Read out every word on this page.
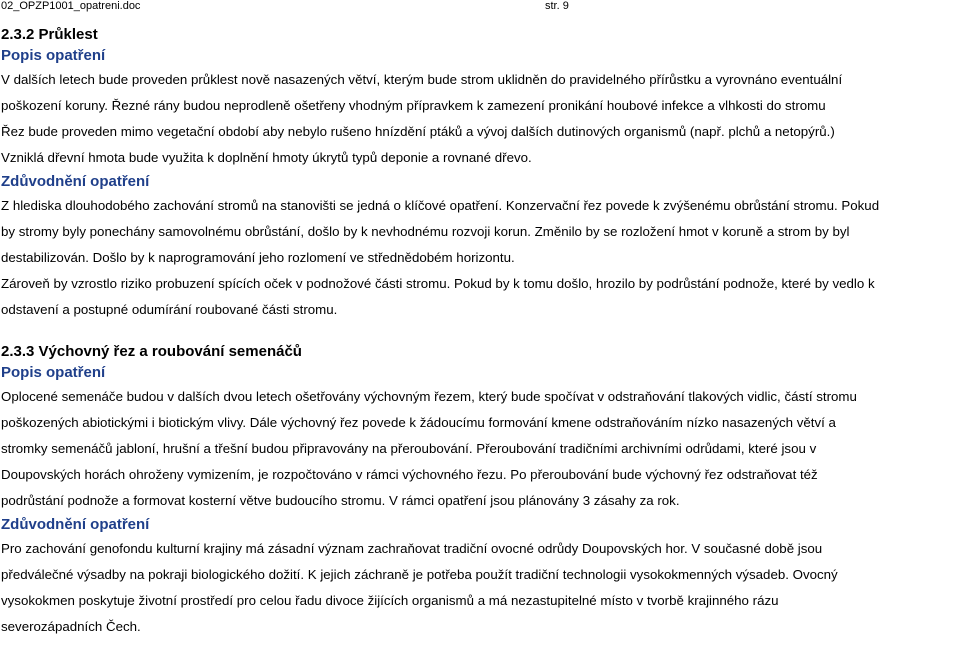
02_OPZP1001_opatreni.doc	str. 9
2.3.2 Průklest
Popis opatření
V dalších letech bude proveden průklest nově nasazených větví, kterým bude strom uklidněn do pravidelného přírůstku a vyrovnáno eventuální
poškození koruny. Řezné rány budou neprodleně ošetřeny vhodným přípravkem k zamezení pronikání houbové infekce a vlhkosti do stromu
Řez bude proveden mimo vegetační období aby nebylo rušeno hnízdění ptáků a vývoj dalších dutinových organismů (např. plchů a netopýrů.)
Vzniklá dřevní hmota bude využita k doplnění hmoty úkrytů typů deponie a rovnané dřevo.
Zdůvodnění opatření
Z hlediska dlouhodobého zachování stromů na stanovišti se jedná o klíčové opatření. Konzervační řez povede k zvýšenému obrůstání stromu. Pokud
by stromy byly ponechány samovolnému obrůstání, došlo by k nevhodnému rozvoji korun. Změnilo by se rozložení hmot v koruně a strom by byl
destabilizován. Došlo by k naprogramování jeho rozlomení ve střednědobém horizontu.
Zároveň by vzrostlo riziko probuzení spících oček v podnožové části stromu. Pokud by k tomu došlo, hrozilo by podrůstání podnože, které by vedlo k
odstavení a postupné odumírání roubované části stromu.
2.3.3 Výchovný řez a roubování semenáčů
Popis opatření
Oplocené semenáče budou v dalších dvou letech ošetřovány výchovným řezem, který bude spočívat v odstraňování tlakových vidlic, částí stromu
poškozených abiotickými i biotickým vlivy. Dále výchovný řez povede k žádoucímu formování kmene odstraňováním nízko nasazených větví a
stromky semenáčů jabloní, hrušní a třešní budou připravovány na přeroubování. Přeroubování tradičními archivními odrůdami, které jsou v
Doupovských horách ohroženy vymizením, je rozpočtováno v rámci výchovného řezu. Po přeroubování bude výchovný řez odstraňovat též
podrůstání podnože a formovat kosterní větve budoucího stromu. V rámci opatření jsou plánovány 3 zásahy za rok.
Zdůvodnění opatření
Pro zachování genofondu kulturní krajiny má zásadní význam zachraňovat tradiční ovocné odrůdy Doupovských hor. V současné době jsou
předválečné výsadby na pokraji biologického dožití. K jejich záchraně je potřeba použít tradiční technologii vysokokmenných výsadeb. Ovocný
vysokokmen poskytuje životní prostředí pro celou řadu divoce žijících organismů a má nezastupitelné místo v tvorbě krajinného rázu
severozápadních Čech.
